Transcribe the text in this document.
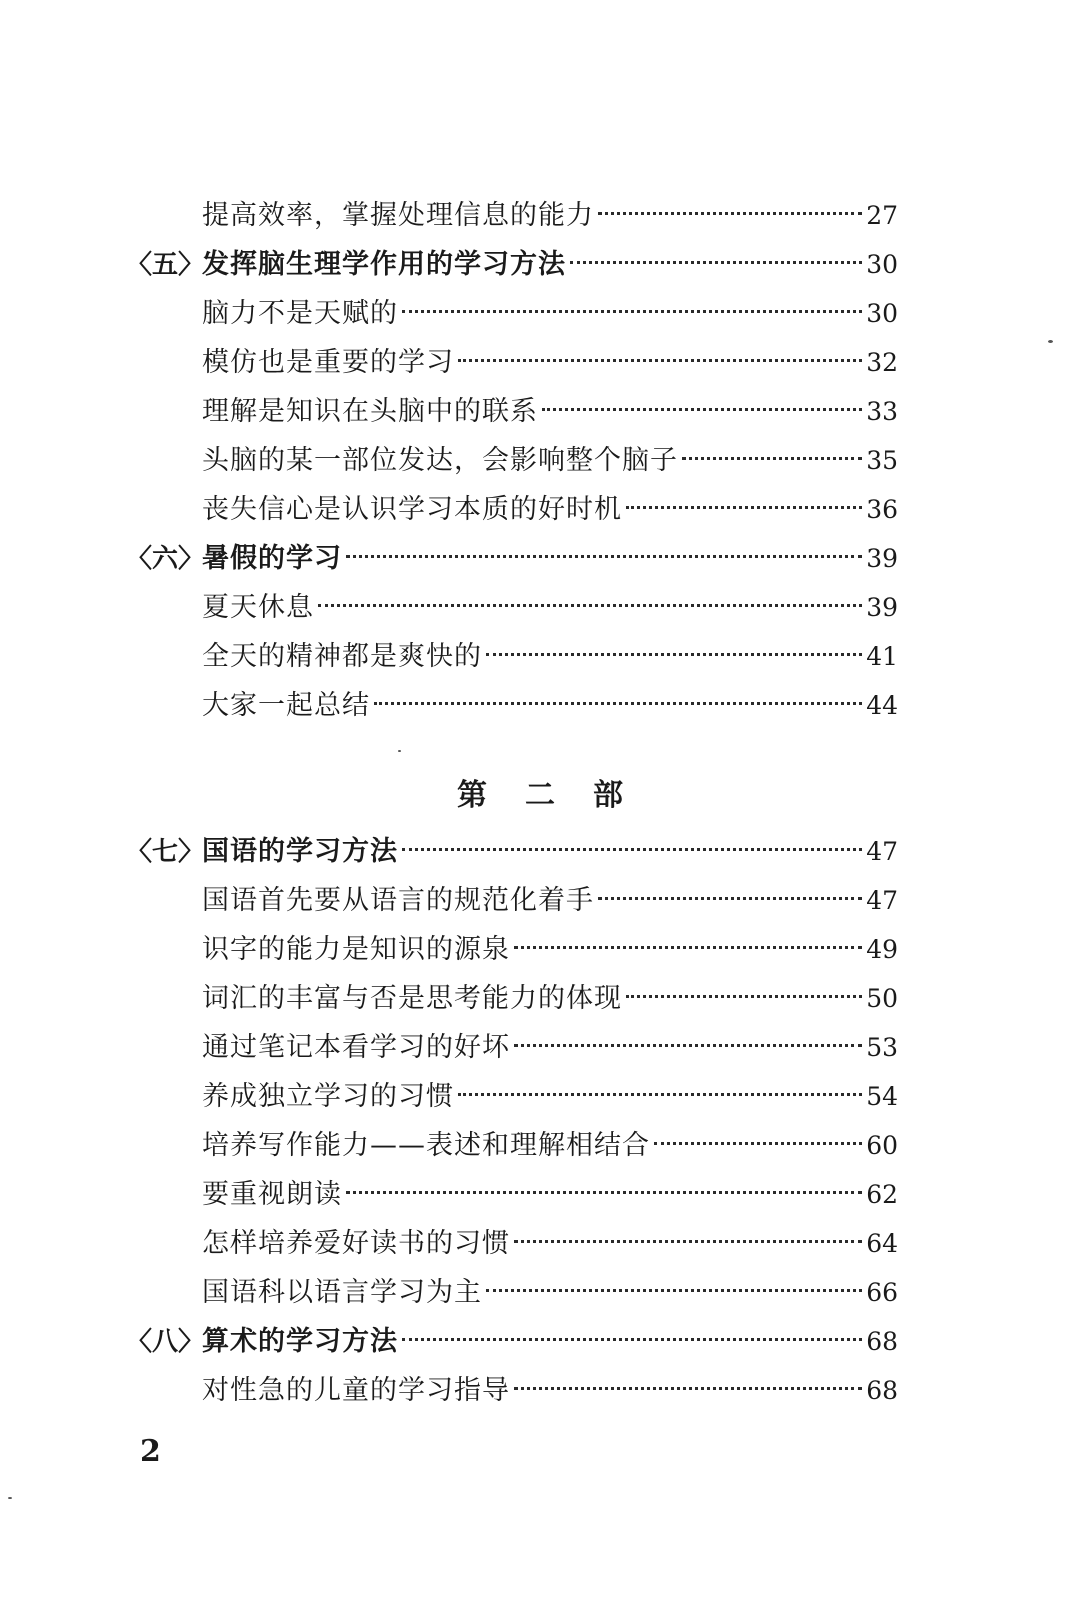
提高效率，掌握处理信息的能力	27
〈五〉
发挥脑生理学作用的学习方法	30
脑力不是天赋的	30
模仿也是重要的学习	32
理解是知识在头脑中的联系	33
头脑的某一部位发达，会影响整个脑子	35
丧失信心是认识学习本质的好时机	36
〈六〉
暑假的学习	39
夏天休息	39
全天的精神都是爽快的	41
大家一起总结	44
第二部
〈七〉
国语的学习方法	47
国语首先要从语言的规范化着手	47
识字的能力是知识的源泉	49
词汇的丰富与否是思考能力的体现	50
通过笔记本看学习的好坏	53
养成独立学习的习惯	54
培养写作能力——表述和理解相结合	60
要重视朗读	62
怎样培养爱好读书的习惯	64
国语科以语言学习为主	66
〈八〉
算术的学习方法	68
对性急的儿童的学习指导	68
2
